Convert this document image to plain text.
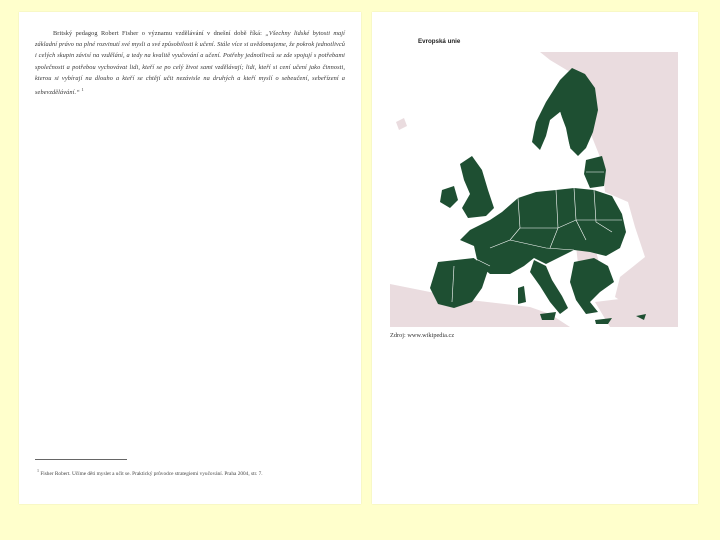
Britský pedagog Robert Fisher o významu vzdělávání v dnešní době říká: „Všechny lidské bytosti mají základní právo na plné rozvinutí své mysli a své způsobilosti k učení. Stále více si uvědomujeme, že pokrok jednotlivců i celých skupin závisí na vzdělání, a tedy na kvalitě vyučování a učení. Potřeby jednotlivců se zde spojují s potřebami společnosti a potřebou vychovávat lidi, kteří se po celý život sami vzdělávají; lidi, kteří si cení učení jako činnosti, kterou si vybírají na dlouho a kteří se chtějí učit nezávisle na druhých a kteří myslí o sebeučení, sebeřízení a sebevzdělávání.“ $^1$
$^1$ Fisher Robert. Učíme děti myslet a učit se. Praktický průvodce strategiemi vyučování. Praha 2004, str. 7.
Evropská unie
Zdroj: www.wikipedia.cz
